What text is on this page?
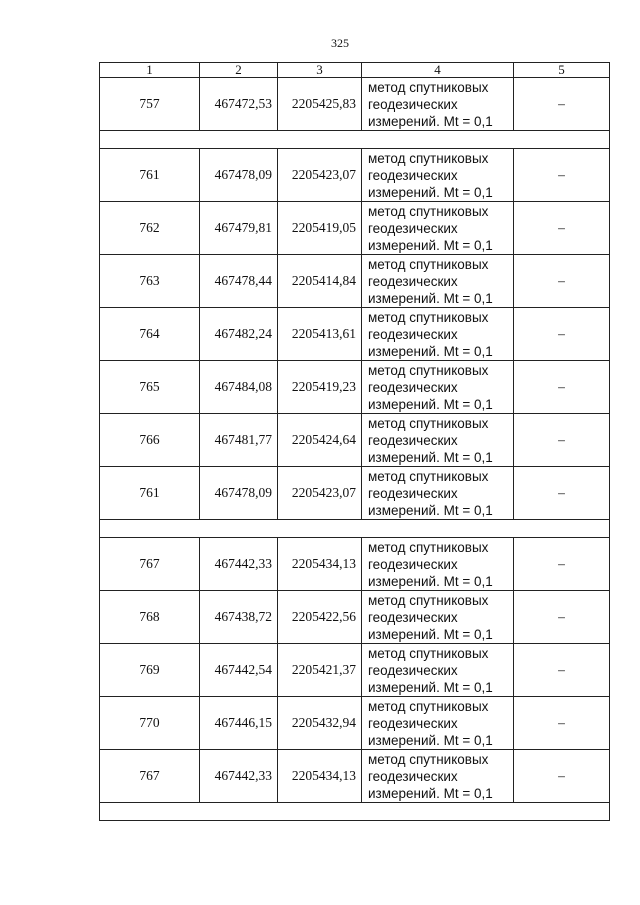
325
1	2	3	4	5
757	467472,53	2205425,83	метод спутниковых
геодезических
измерений. Mt = 0,1	–

761	467478,09	2205423,07	метод спутниковых
геодезических
измерений. Mt = 0,1	–
762	467479,81	2205419,05	метод спутниковых
геодезических
измерений. Mt = 0,1	–
763	467478,44	2205414,84	метод спутниковых
геодезических
измерений. Mt = 0,1	–
764	467482,24	2205413,61	метод спутниковых
геодезических
измерений. Mt = 0,1	–
765	467484,08	2205419,23	метод спутниковых
геодезических
измерений. Mt = 0,1	–
766	467481,77	2205424,64	метод спутниковых
геодезических
измерений. Mt = 0,1	–
761	467478,09	2205423,07	метод спутниковых
геодезических
измерений. Mt = 0,1	–

767	467442,33	2205434,13	метод спутниковых
геодезических
измерений. Mt = 0,1	–
768	467438,72	2205422,56	метод спутниковых
геодезических
измерений. Mt = 0,1	–
769	467442,54	2205421,37	метод спутниковых
геодезических
измерений. Mt = 0,1	–
770	467446,15	2205432,94	метод спутниковых
геодезических
измерений. Mt = 0,1	–
767	467442,33	2205434,13	метод спутниковых
геодезических
измерений. Mt = 0,1	–
